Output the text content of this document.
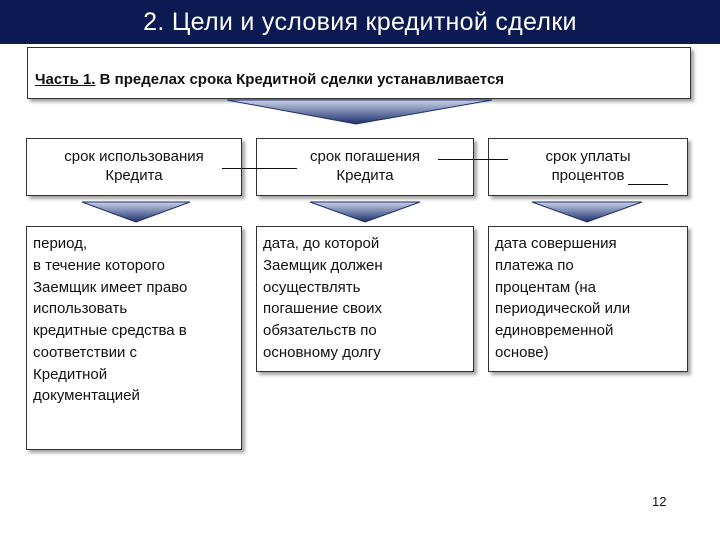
2. Цели и условия кредитной сделки
Часть 1. В пределах срока Кредитной сделки устанавливается
срок использования
Кредита
срок погашения
Кредита
срок уплаты
процентов
период,
в течение которого
Заемщик имеет право
использовать
кредитные средства в
соответствии с
Кредитной
документацией
дата, до которой
Заемщик должен
осуществлять
погашение своих
обязательств по
основному долгу
дата совершения
платежа по
процентам (на
периодической или
единовременной
основе)
12
